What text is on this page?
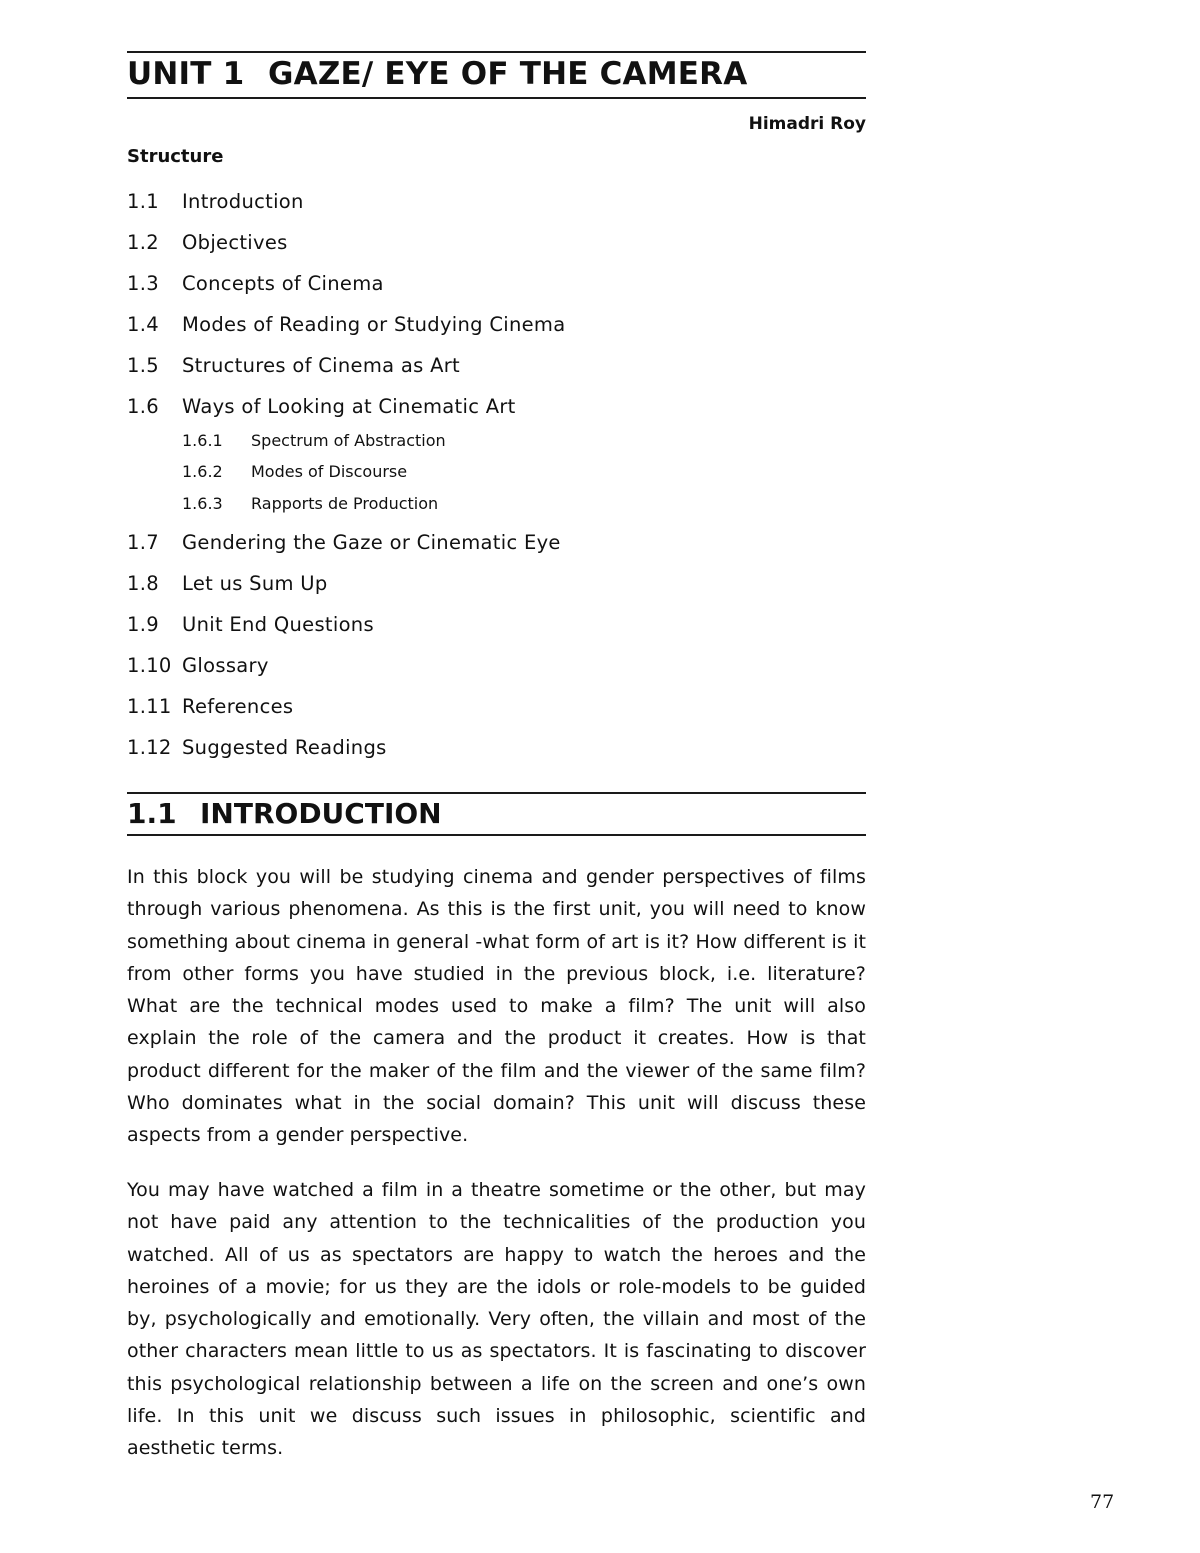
UNIT 1 GAZE/ EYE OF THE CAMERA
Himadri Roy
Structure
1.1 Introduction
1.2 Objectives
1.3 Concepts of Cinema
1.4 Modes of Reading or Studying Cinema
1.5 Structures of Cinema as Art
1.6 Ways of Looking at Cinematic Art
1.6.1 Spectrum of Abstraction
1.6.2 Modes of Discourse
1.6.3 Rapports de Production
1.7 Gendering the Gaze or Cinematic Eye
1.8 Let us Sum Up
1.9 Unit End Questions
1.10 Glossary
1.11 References
1.12 Suggested Readings
1.1 INTRODUCTION

In this block you will be studying cinema and gender perspectives of films through various phenomena. As this is the first unit, you will need to know something about cinema in general -what form of art is it? How different is it from other forms you have studied in the previous block, i.e. literature? What are the technical modes used to make a film? The unit will also explain the role of the camera and the product it creates. How is that product different for the maker of the film and the viewer of the same film? Who dominates what in the social domain? This unit will discuss these aspects from a gender perspective.

You may have watched a film in a theatre sometime or the other, but may not have paid any attention to the technicalities of the production you watched. All of us as spectators are happy to watch the heroes and the heroines of a movie; for us they are the idols or role-models to be guided by, psychologically and emotionally. Very often, the villain and most of the other characters mean little to us as spectators. It is fascinating to discover this psychological relationship between a life on the screen and one’s own life. In this unit we discuss such issues in philosophic, scientific and aesthetic terms.

77
